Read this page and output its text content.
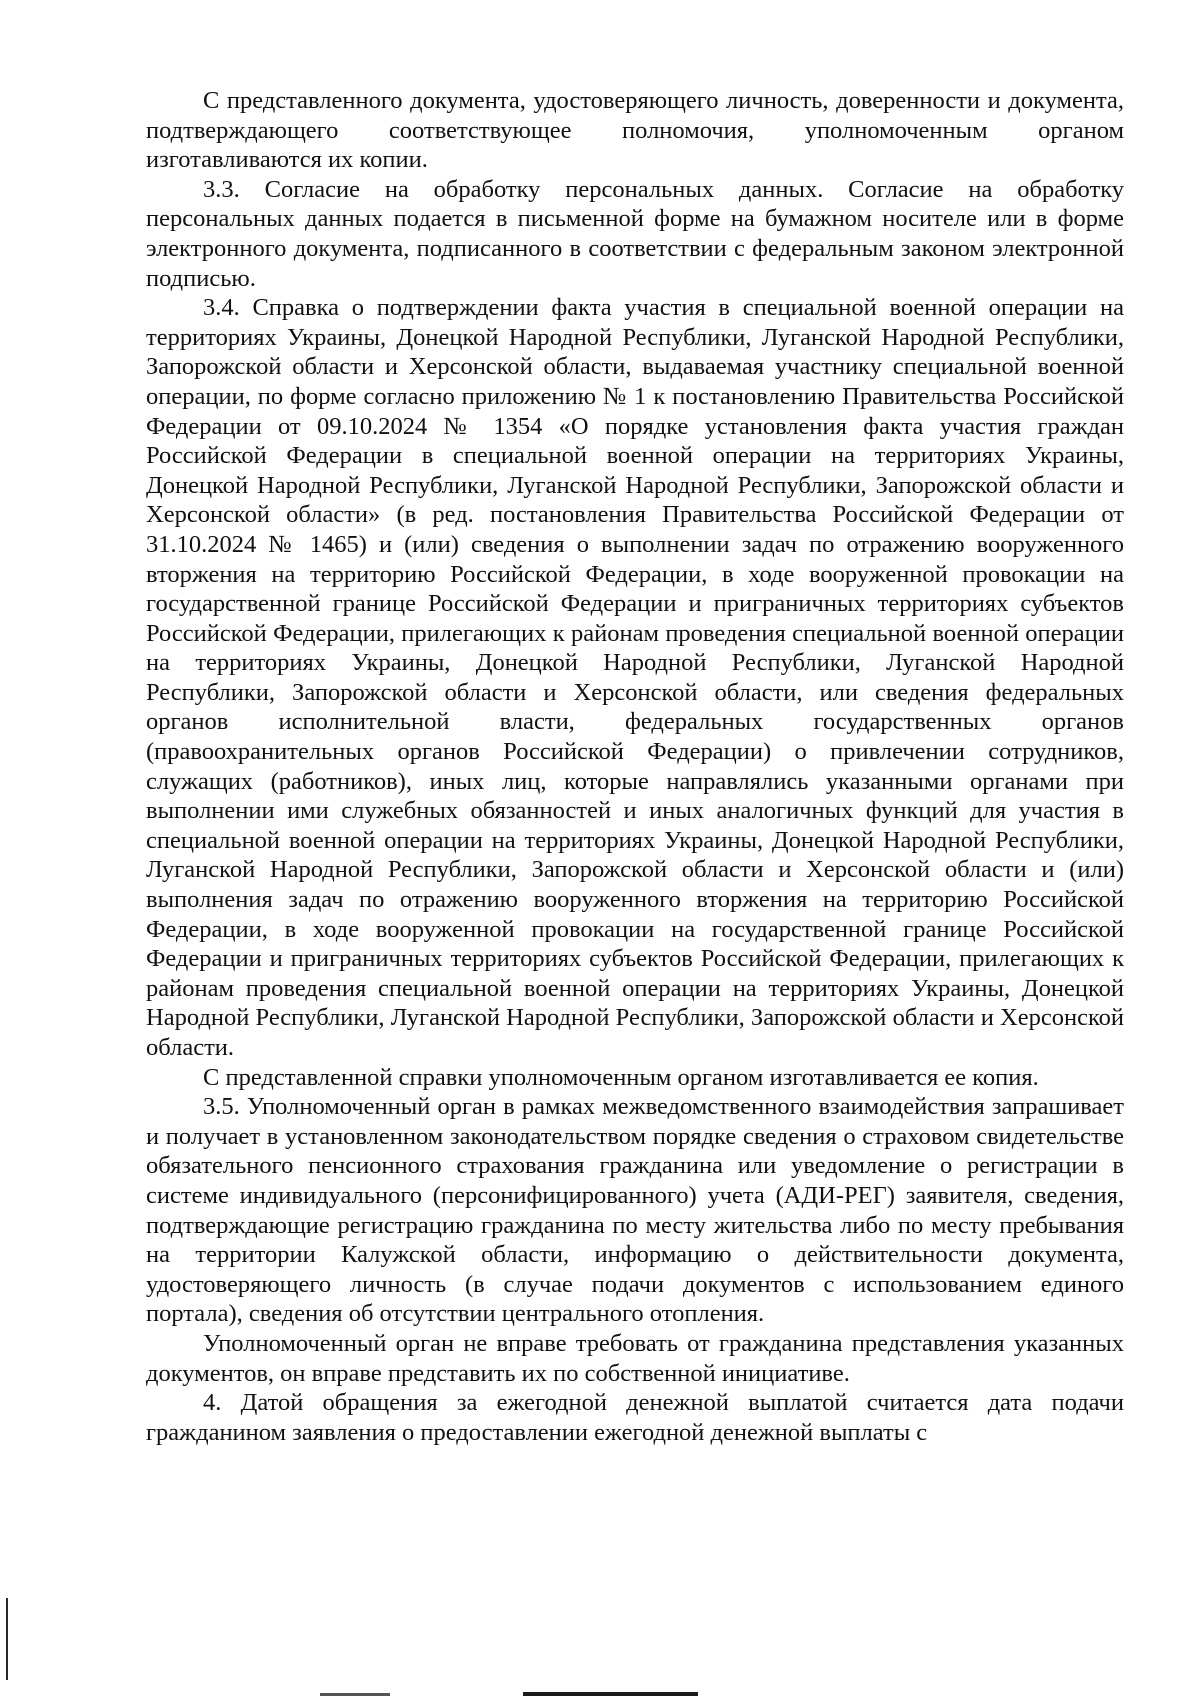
С представленного документа, удостоверяющего личность, доверенности и документа, подтверждающего соответствующее полномочия, уполномоченным органом изготавливаются их копии.

3.3. Согласие на обработку персональных данных. Согласие на обработку персональных данных подается в письменной форме на бумажном носителе или в форме электронного документа, подписанного в соответствии с федеральным законом электронной подписью.

3.4. Справка о подтверждении факта участия в специальной военной операции на территориях Украины, Донецкой Народной Республики, Луганской Народной Республики, Запорожской области и Херсонской области, выдаваемая участнику специальной военной операции, по форме согласно приложению № 1 к постановлению Правительства Российской Федерации от 09.10.2024 № 1354 «О порядке установления факта участия граждан Российской Федерации в специальной военной операции на территориях Украины, Донецкой Народной Республики, Луганской Народной Республики, Запорожской области и Херсонской области» (в ред. постановления Правительства Российской Федерации от 31.10.2024 № 1465) и (или) сведения о выполнении задач по отражению вооруженного вторжения на территорию Российской Федерации, в ходе вооруженной провокации на государственной границе Российской Федерации и приграничных территориях субъектов Российской Федерации, прилегающих к районам проведения специальной военной операции на территориях Украины, Донецкой Народной Республики, Луганской Народной Республики, Запорожской области и Херсонской области, или сведения федеральных органов исполнительной власти, федеральных государственных органов (правоохранительных органов Российской Федерации) о привлечении сотрудников, служащих (работников), иных лиц, которые направлялись указанными органами при выполнении ими служебных обязанностей и иных аналогичных функций для участия в специальной военной операции на территориях Украины, Донецкой Народной Республики, Луганской Народной Республики, Запорожской области и Херсонской области и (или) выполнения задач по отражению вооруженного вторжения на территорию Российской Федерации, в ходе вооруженной провокации на государственной границе Российской Федерации и приграничных территориях субъектов Российской Федерации, прилегающих к районам проведения специальной военной операции на территориях Украины, Донецкой Народной Республики, Луганской Народной Республики, Запорожской области и Херсонской области.

С представленной справки уполномоченным органом изготавливается ее копия.

3.5. Уполномоченный орган в рамках межведомственного взаимодействия запрашивает и получает в установленном законодательством порядке сведения о страховом свидетельстве обязательного пенсионного страхования гражданина или уведомление о регистрации в системе индивидуального (персонифицированного) учета (АДИ-РЕГ) заявителя, сведения, подтверждающие регистрацию гражданина по месту жительства либо по месту пребывания на территории Калужской области, информацию о действительности документа, удостоверяющего личность (в случае подачи документов с использованием единого портала), сведения об отсутствии центрального отопления.

Уполномоченный орган не вправе требовать от гражданина представления указанных документов, он вправе представить их по собственной инициативе.

4. Датой обращения за ежегодной денежной выплатой считается дата подачи гражданином заявления о предоставлении ежегодной денежной выплаты с
